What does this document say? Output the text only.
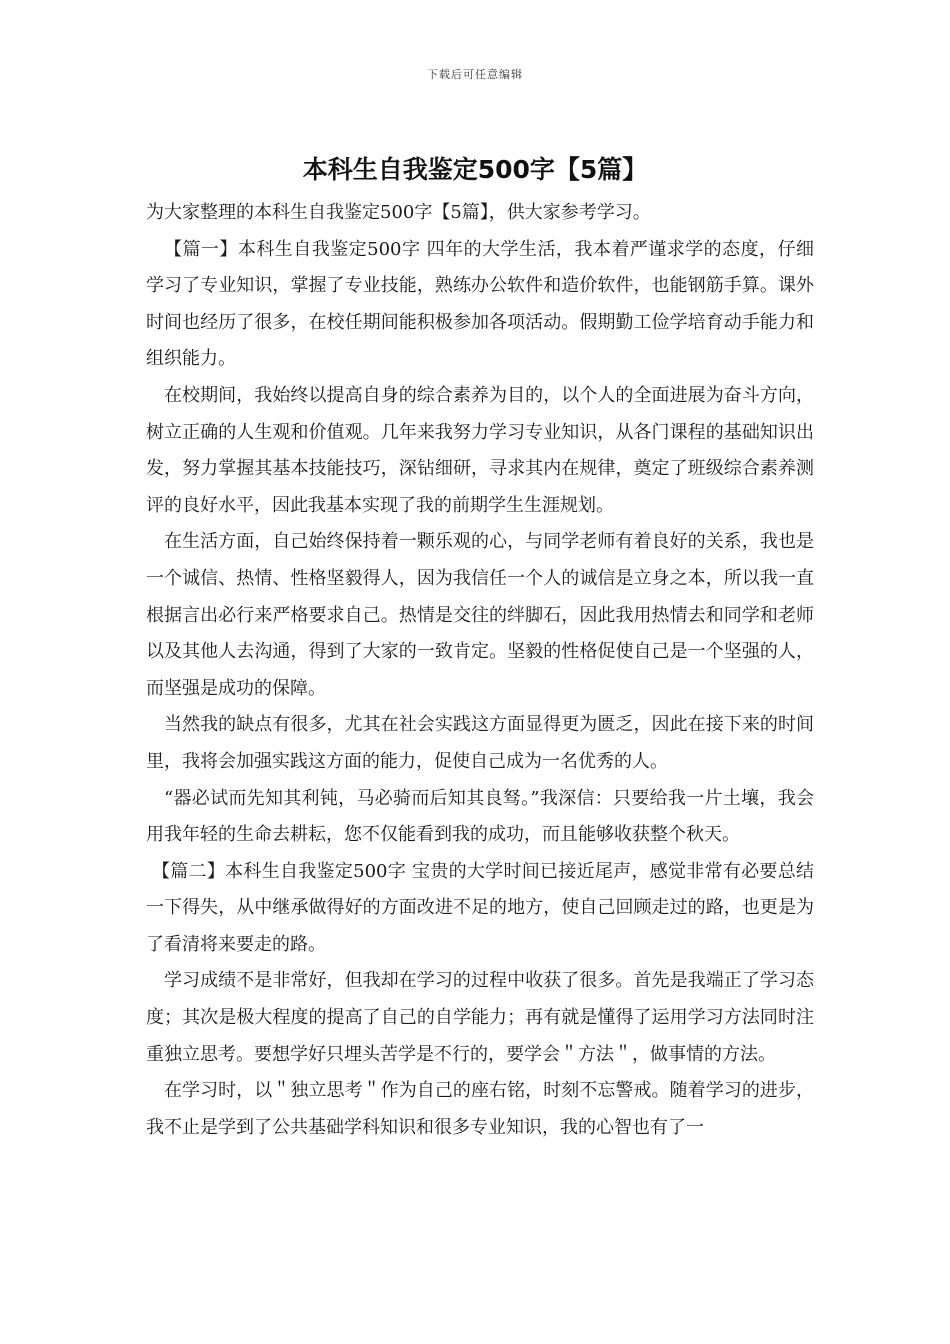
下载后可任意编辑
本科生自我鉴定500字【5篇】

为大家整理的本科生自我鉴定500字【5篇】，供大家参考学习。

【篇一】本科生自我鉴定500字 四年的大学生活，我本着严谨求学的态度，仔细学习了专业知识，掌握了专业技能，熟练办公软件和造价软件，也能钢筋手算。课外时间也经历了很多，在校任期间能积极参加各项活动。假期勤工俭学培育动手能力和组织能力。

在校期间，我始终以提高自身的综合素养为目的，以个人的全面进展为奋斗方向，树立正确的人生观和价值观。几年来我努力学习专业知识，从各门课程的基础知识出发，努力掌握其基本技能技巧，深钻细研，寻求其内在规律，奠定了班级综合素养测评的良好水平，因此我基本实现了我的前期学生生涯规划。

在生活方面，自己始终保持着一颗乐观的心，与同学老师有着良好的关系，我也是一个诚信、热情、性格坚毅得人，因为我信任一个人的诚信是立身之本，所以我一直根据言出必行来严格要求自己。热情是交往的绊脚石，因此我用热情去和同学和老师以及其他人去沟通，得到了大家的一致肯定。坚毅的性格促使自己是一个坚强的人，而坚强是成功的保障。

当然我的缺点有很多，尤其在社会实践这方面显得更为匮乏，因此在接下来的时间里，我将会加强实践这方面的能力，促使自己成为一名优秀的人。

“器必试而先知其利钝，马必骑而后知其良驽。”我深信：只要给我一片土壤，我会用我年轻的生命去耕耘，您不仅能看到我的成功，而且能够收获整个秋天。

【篇二】本科生自我鉴定500字 宝贵的大学时间已接近尾声，感觉非常有必要总结一下得失，从中继承做得好的方面改进不足的地方，使自己回顾走过的路，也更是为了看清将来要走的路。

学习成绩不是非常好，但我却在学习的过程中收获了很多。首先是我端正了学习态度；其次是极大程度的提高了自己的自学能力；再有就是懂得了运用学习方法同时注重独立思考。要想学好只埋头苦学是不行的，要学会＂方法＂，做事情的方法。

在学习时，以＂独立思考＂作为自己的座右铭，时刻不忘警戒。随着学习的进步，我不止是学到了公共基础学科知识和很多专业知识，我的心智也有了一
